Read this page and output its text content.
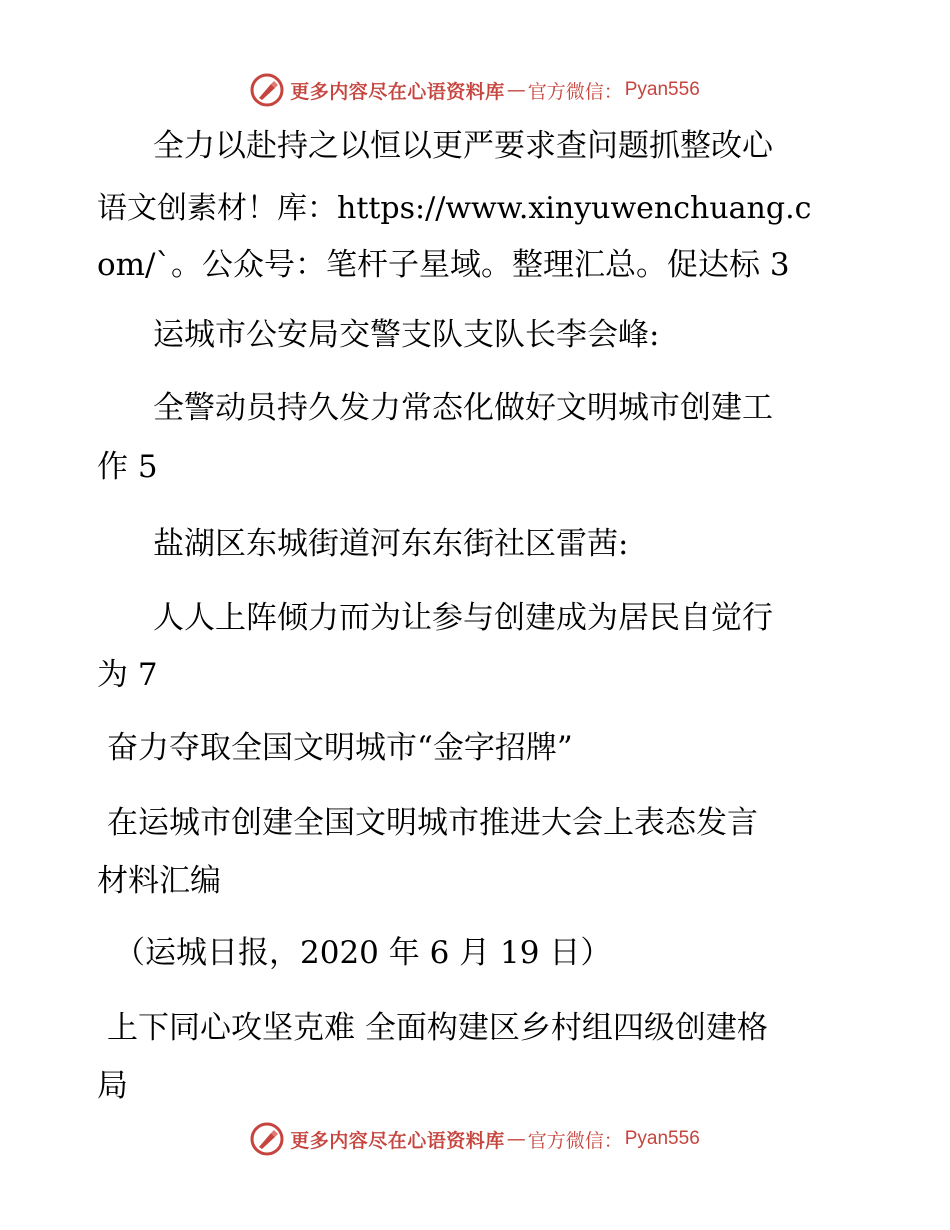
更多内容尽在心语资料库 — 官方微信： Pyan556
全力以赴持之以恒以更严要求查问题抓整改心
语文创素材！库：https://www.xinyuwenchuang.c
om/`。公众号：笔杆子星域。整理汇总。促达标 3
运城市公安局交警支队支队长李会峰:
全警动员持久发力常态化做好文明城市创建工
作 5
盐湖区东城街道河东东街社区雷茜:
人人上阵倾力而为让参与创建成为居民自觉行
为 7
奋力夺取全国文明城市“金字招牌”
在运城市创建全国文明城市推进大会上表态发言
材料汇编
（运城日报，2020 年 6 月 19 日）
上下同心攻坚克难 全面构建区乡村组四级创建格
局
更多内容尽在心语资料库 — 官方微信： Pyan556
